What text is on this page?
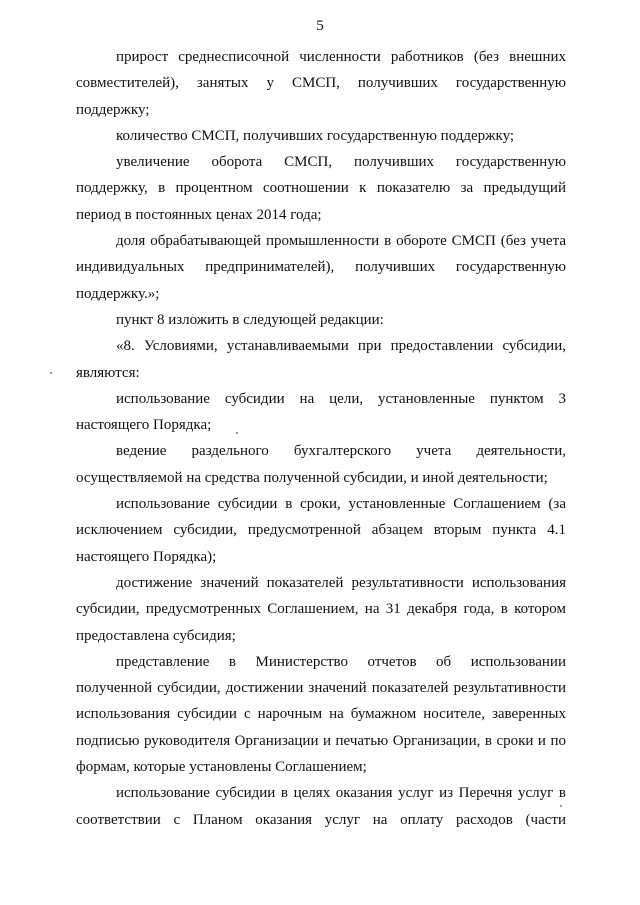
5

прирост среднесписочной численности работников (без внешних совместителей), занятых у СМСП, получивших государственную поддержку;

количество СМСП, получивших государственную поддержку;

увеличение оборота СМСП, получивших государственную поддержку, в процентном соотношении к показателю за предыдущий период в постоянных ценах 2014 года;

доля обрабатывающей промышленности в обороте СМСП (без учета индивидуальных предпринимателей), получивших государственную поддержку.»;

пункт 8 изложить в следующей редакции:

«8. Условиями, устанавливаемыми при предоставлении субсидии, являются:

использование субсидии на цели, установленные пунктом 3 настоящего Порядка;

ведение раздельного бухгалтерского учета деятельности, осуществляемой на средства полученной субсидии, и иной деятельности;

использование субсидии в сроки, установленные Соглашением (за исключением субсидии, предусмотренной абзацем вторым пункта 4.1 настоящего Порядка);

достижение значений показателей результативности использования субсидии, предусмотренных Соглашением, на 31 декабря года, в котором предоставлена субсидия;

представление в Министерство отчетов об использовании полученной субсидии, достижении значений показателей результативности использования субсидии с нарочным на бумажном носителе, заверенных подписью руководителя Организации и печатью Организации, в сроки и по формам, которые установлены Соглашением;

использование субсидии в целях оказания услуг из Перечня услуг в соответствии с Планом оказания услуг на оплату расходов (части
